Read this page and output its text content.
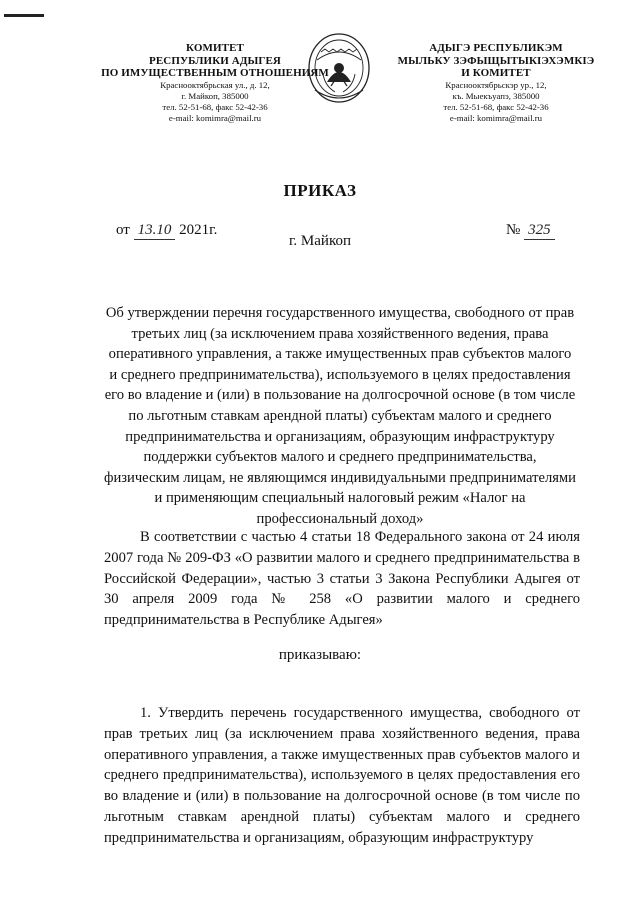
КОМИТЕТ
РЕСПУБЛИКИ АДЫГЕЯ
ПО ИМУЩЕСТВЕННЫМ ОТНОШЕНИЯМ
Краснооктябрьская ул., д. 12,
г. Майкоп, 385000
тел. 52-51-68, факс 52-42-36
e-mail: komimra@mail.ru
АДЫГЭ РЕСПУБЛИКЭМ
МЫЛЬКУ ЗЭФЫЩЫТЫКІЭХЭМКІЭ
И КОМИТЕТ
Краснооктябрьскэр ур., 12,
къ. Мыекъуапэ, 385000
тел. 52-51-68, факс 52-42-36
e-mail: komimra@mail.ru
ПРИКАЗ
от 13.10 2021г.	№ 325
г. Майкоп
Об утверждении перечня государственного имущества, свободного от прав третьих лиц (за исключением права хозяйственного ведения, права оперативного управления, а также имущественных прав субъектов малого и среднего предпринимательства), используемого в целях предоставления его во владение и (или) в пользование на долгосрочной основе (в том числе по льготным ставкам арендной платы) субъектам малого и среднего предпринимательства и организациям, образующим инфраструктуру поддержки субъектов малого и среднего предпринимательства, физическим лицам, не являющимся индивидуальными предпринимателями и применяющим специальный налоговый режим «Налог на профессиональный доход»
В соответствии с частью 4 статьи 18 Федерального закона от 24 июля 2007 года № 209-ФЗ «О развитии малого и среднего предпринимательства в Российской Федерации», частью 3 статьи 3 Закона Республики Адыгея от 30 апреля 2009 года № 258 «О развитии малого и среднего предпринимательства в Республике Адыгея»
приказываю:
1. Утвердить перечень государственного имущества, свободного от прав третьих лиц (за исключением права хозяйственного ведения, права оперативного управления, а также имущественных прав субъектов малого и среднего предпринимательства), используемого в целях предоставления его во владение и (или) в пользование на долгосрочной основе (в том числе по льготным ставкам арендной платы) субъектам малого и среднего предпринимательства и организациям, образующим инфраструктуру
